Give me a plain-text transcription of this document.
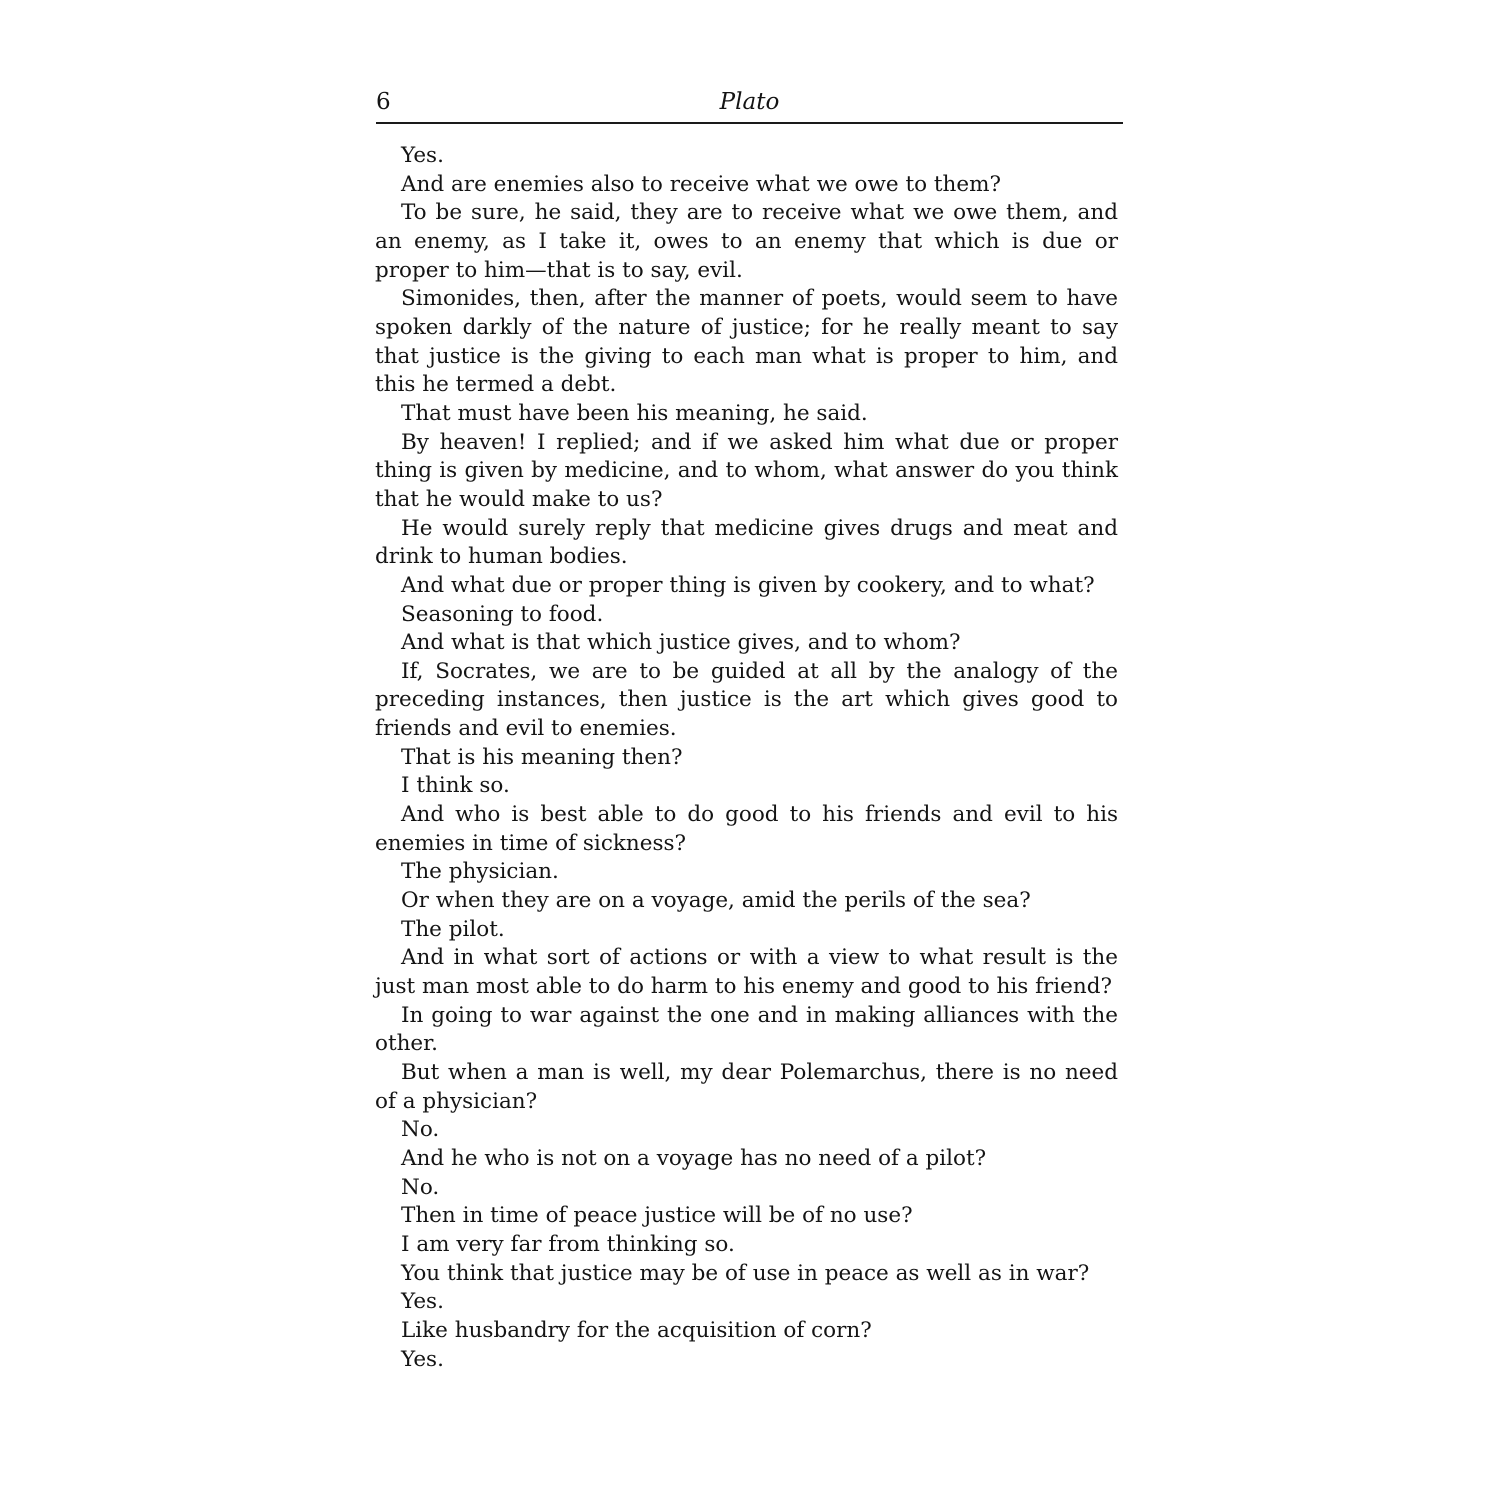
6	Plato

Yes.

And are enemies also to receive what we owe to them?

To be sure, he said, they are to receive what we owe them, and an enemy, as I take it, owes to an enemy that which is due or proper to him—that is to say, evil.

Simonides, then, after the manner of poets, would seem to have spoken darkly of the nature of justice; for he really meant to say that justice is the giving to each man what is proper to him, and this he termed a debt.

That must have been his meaning, he said.

By heaven! I replied; and if we asked him what due or proper thing is given by medicine, and to whom, what answer do you think that he would make to us?

He would surely reply that medicine gives drugs and meat and drink to human bodies.

And what due or proper thing is given by cookery, and to what?

Seasoning to food.

And what is that which justice gives, and to whom?

If, Socrates, we are to be guided at all by the analogy of the preceding instances, then justice is the art which gives good to friends and evil to enemies.

That is his meaning then?

I think so.

And who is best able to do good to his friends and evil to his enemies in time of sickness?

The physician.

Or when they are on a voyage, amid the perils of the sea?

The pilot.

And in what sort of actions or with a view to what result is the just man most able to do harm to his enemy and good to his friend?

In going to war against the one and in making alliances with the other.

But when a man is well, my dear Polemarchus, there is no need of a physician?

No.

And he who is not on a voyage has no need of a pilot?

No.

Then in time of peace justice will be of no use?

I am very far from thinking so.

You think that justice may be of use in peace as well as in war?

Yes.

Like husbandry for the acquisition of corn?

Yes.
